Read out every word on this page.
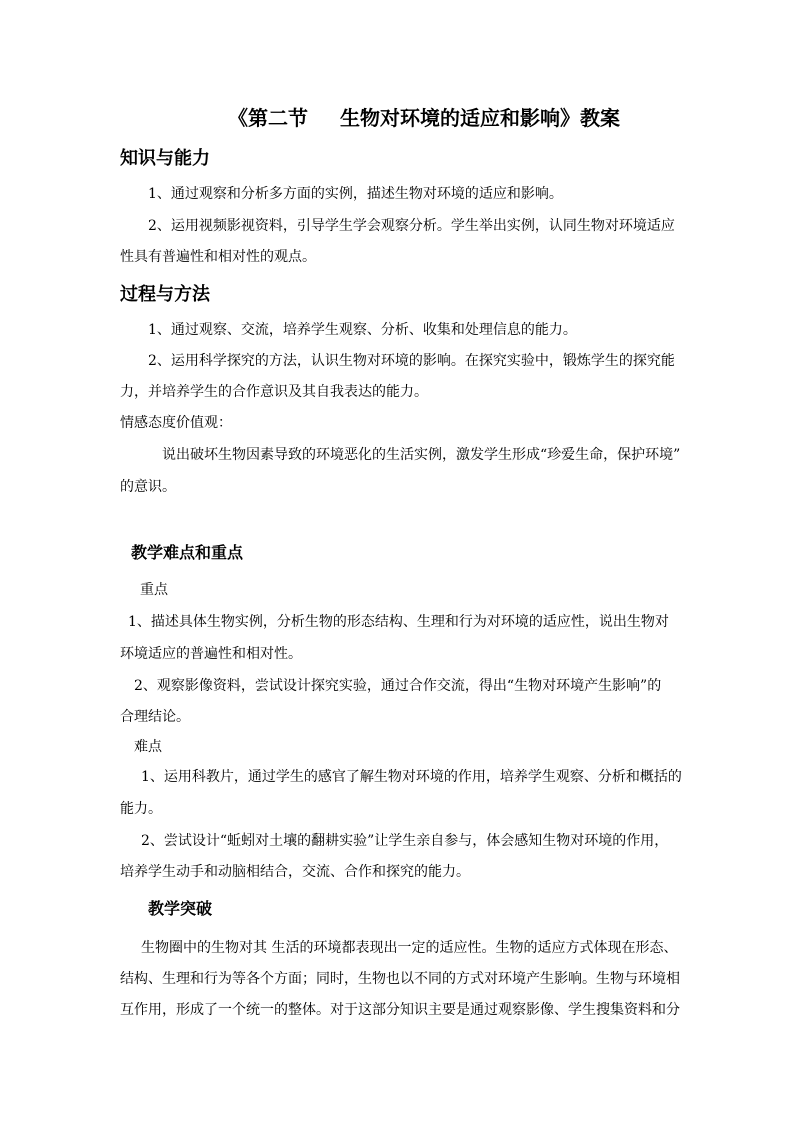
《第二节 生物对环境的适应和影响》教案
知识与能力
1、通过观察和分析多方面的实例，描述生物对环境的适应和影响。
2、运用视频影视资料，引导学生学会观察分析。学生举出实例，认同生物对环境适应
性具有普遍性和相对性的观点。
过程与方法
1、通过观察、交流，培养学生观察、分析、收集和处理信息的能力。
2、运用科学探究的方法，认识生物对环境的影响。在探究实验中，锻炼学生的探究能
力，并培养学生的合作意识及其自我表达的能力。
情感态度价值观：
说出破坏生物因素导致的环境恶化的生活实例，激发学生形成“珍爱生命，保护环境”
的意识。
教学难点和重点
重点
1、描述具体生物实例，分析生物的形态结构、生理和行为对环境的适应性，说出生物对
环境适应的普遍性和相对性。
2、观察影像资料，尝试设计探究实验，通过合作交流，得出“生物对环境产生影响”的
合理结论。
难点
1、运用科教片，通过学生的感官了解生物对环境的作用，培养学生观察、分析和概括的
能力。
2、尝试设计“蚯蚓对土壤的翻耕实验”让学生亲自参与，体会感知生物对环境的作用，
培养学生动手和动脑相结合，交流、合作和探究的能力。
教学突破
生物圈中的生物对其 生活的环境都表现出一定的适应性。生物的适应方式体现在形态、
结构、生理和行为等各个方面；同时，生物也以不同的方式对环境产生影响。生物与环境相
互作用，形成了一个统一的整体。对于这部分知识主要是通过观察影像、学生搜集资料和分
